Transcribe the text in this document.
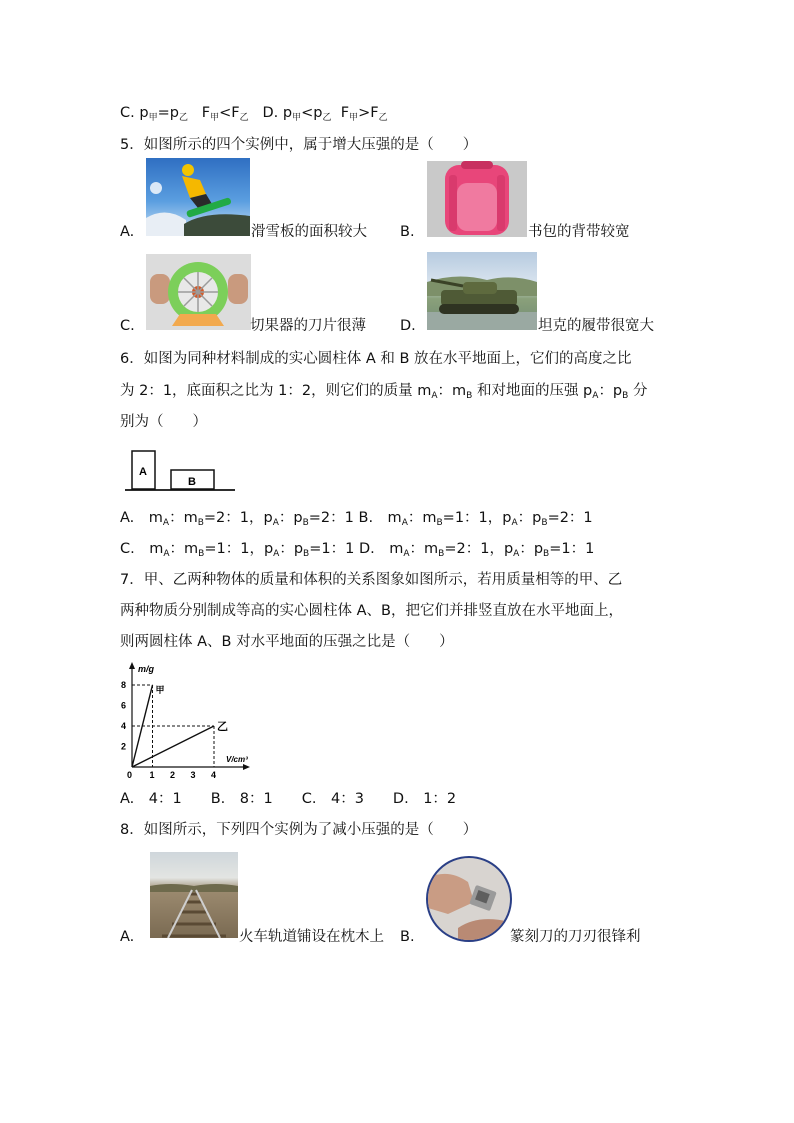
C. $p_甲=p_乙$ $F_甲<F_乙$ D. $p_甲<p_乙$ $F_甲>F_乙$
5．如图所示的四个实例中，属于增大压强的是（　　）
A.	滑雪板的面积较大 B.	书包的背带较宽
C.	切果器的刀片很薄 D.	坦克的履带很宽大
6．如图为同种材料制成的实心圆柱体 A 和 B 放在水平地面上，它们的高度之比
为 2：1，底面积之比为 1：2，则它们的质量 $m_A$：$m_B$ 和对地面的压强 $p_A$：$p_B$ 分
别为（　　）
A
B
A.　$m_A$：$m_B=2$：1，$p_A$：$p_B=2$：1 B.　$m_A$：$m_B=1$：1，$p_A$：$p_B=2$：1
C.　$m_A$：$m_B=1$：1，$p_A$：$p_B=1$：1 D.　$m_A$：$m_B=2$：1，$p_A$：$p_B=1$：1
7．甲、乙两种物体的质量和体积的关系图象如图所示，若用质量相等的甲、乙
两种物质分别制成等高的实心圆柱体 A、B，把它们并排竖直放在水平地面上，
则两圆柱体 A、B 对水平地面的压强之比是（　　）
m/g
V/cm³
0 1 2 3 4
2
4
6
8	甲
乙
A.　4：1　　B.　8：1　　C.　4：3　　D.　1：2
8．如图所示，下列四个实例为了减小压强的是（　　）
A.	火车轨道铺设在枕木上 B.	篆刻刀的刀刃很锋利
